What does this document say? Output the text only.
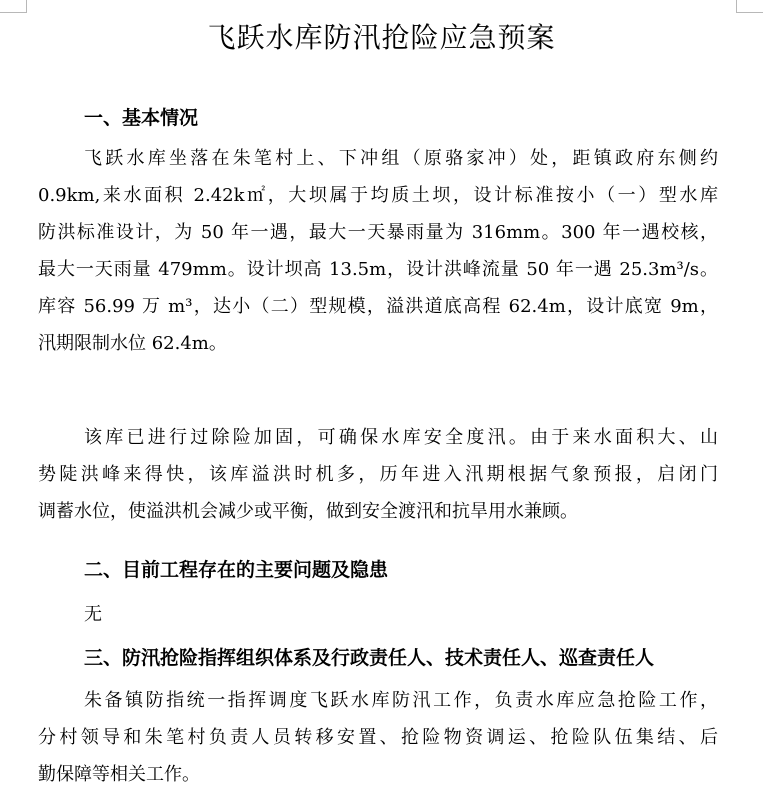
飞跃水库防汛抢险应急预案
一、基本情况
飞跃水库坐落在朱笔村上、下冲组（原骆家冲）处，距镇政府东侧约
0.9km,来水面积 2.42k㎡，大坝属于均质土坝，设计标准按小（一）型水库
防洪标准设计，为 50 年一遇，最大一天暴雨量为 316mm。300 年一遇校核，
最大一天雨量 479mm。设计坝高 13.5m，设计洪峰流量 50 年一遇 25.3m³/s。
库容 56.99 万 m³，达小（二）型规模，溢洪道底高程 62.4m，设计底宽 9m，
汛期限制水位 62.4m。
该库已进行过除险加固，可确保水库安全度汛。由于来水面积大、山
势陡洪峰来得快，该库溢洪时机多，历年进入汛期根据气象预报，启闭门
调蓄水位，使溢洪机会减少或平衡，做到安全渡汛和抗旱用水兼顾。
二、目前工程存在的主要问题及隐患
无
三、防汛抢险指挥组织体系及行政责任人、技术责任人、巡查责任人
朱备镇防指统一指挥调度飞跃水库防汛工作，负责水库应急抢险工作，
分村领导和朱笔村负责人员转移安置、抢险物资调运、抢险队伍集结、后
勤保障等相关工作。
